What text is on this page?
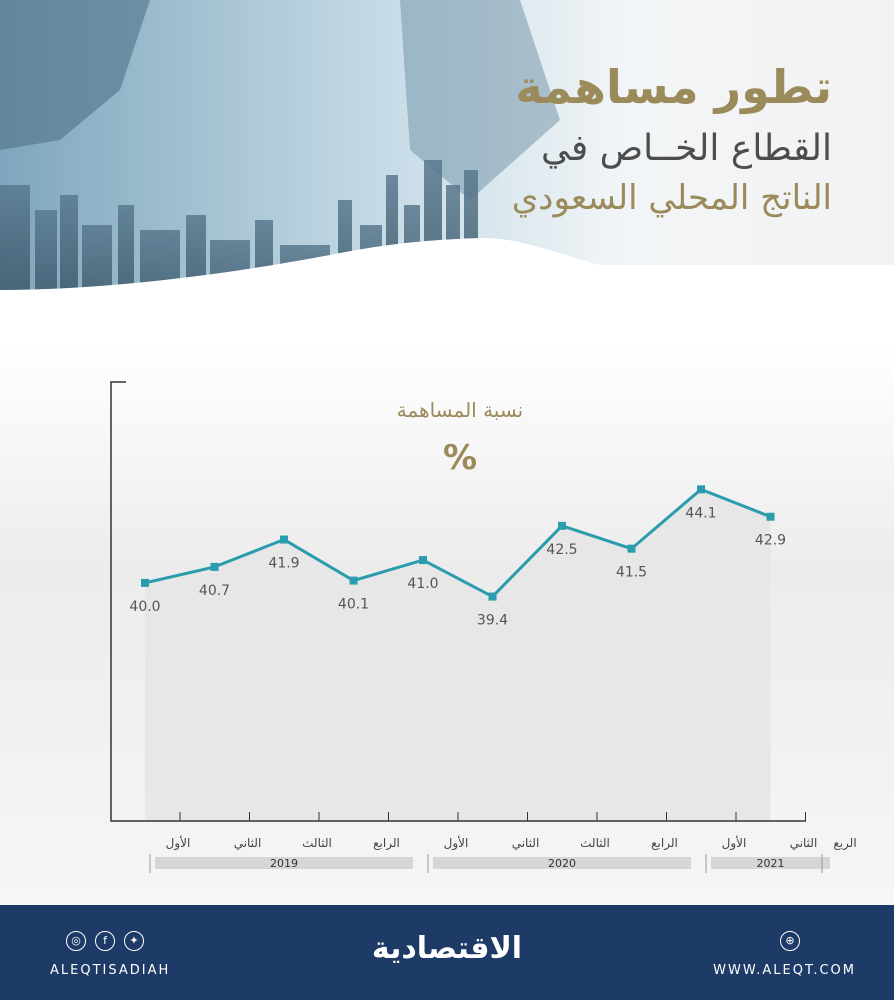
تطور مساهمة
القطاع الخــاص في
الناتج المحلي السعودي
نسبة المساهمة
%
40.0
40.7
41.9
40.1
41.0
39.4
42.5
41.5
44.1
42.9
الأول	الثاني	الثالث	الرابع	الأول	الثاني	الثالث	الرابع	الأول	الثاني الربع
2019	2020	2021
◎	f	✦
ALEQTISADIAH
الاقتصادية	⊕
WWW.ALEQT.COM
